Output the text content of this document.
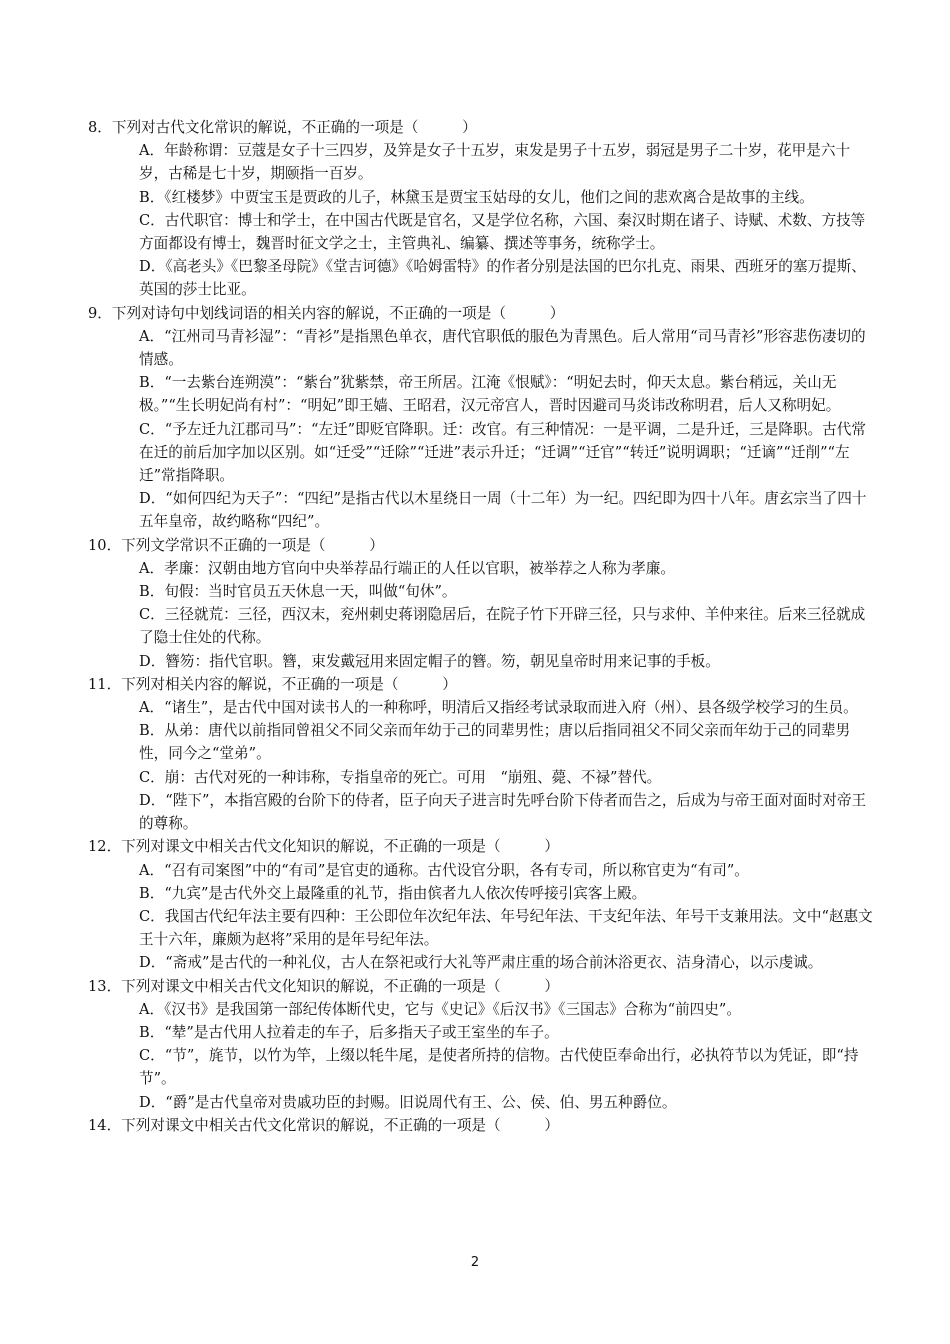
8．下列对古代文化常识的解说，不正确的一项是（　　　）

A．年龄称谓：豆蔻是女子十三四岁，及笄是女子十五岁，束发是男子十五岁，弱冠是男子二十岁，花甲是六十岁，古稀是七十岁，期颐指一百岁。

B．《红楼梦》中贾宝玉是贾政的儿子，林黛玉是贾宝玉姑母的女儿，他们之间的悲欢离合是故事的主线。

C．古代职官：博士和学士，在中国古代既是官名，又是学位名称，六国、秦汉时期在诸子、诗赋、术数、方技等方面都设有博士，魏晋时征文学之士，主管典礼、编纂、撰述等事务，统称学士。

D．《高老头》《巴黎圣母院》《堂吉诃德》《哈姆雷特》的作者分别是法国的巴尔扎克、雨果、西班牙的塞万提斯、英国的莎士比亚。

9．下列对诗句中划线词语的相关内容的解说，不正确的一项是（　　　）

A．“江州司马青衫湿”：“青衫”是指黑色单衣，唐代官职低的服色为青黑色。后人常用“司马青衫”形容悲伤凄切的情感。

B．“一去紫台连朔漠”：“紫台”犹紫禁，帝王所居。江淹《恨赋》：“明妃去时，仰天太息。紫台稍远，关山无极。”“生长明妃尚有村”：“明妃”即王嫱、王昭君，汉元帝宫人，晋时因避司马炎讳改称明君，后人又称明妃。

C．“予左迁九江郡司马”：“左迁”即贬官降职。迁：改官。有三种情况：一是平调，二是升迁，三是降职。古代常在迁的前后加字加以区别。如“迁受”“迁除”“迁进”表示升迁；“迁调”“迁官”“转迁”说明调职；“迁谪”“迁削”“左迁”常指降职。

D．“如何四纪为天子”：“四纪”是指古代以木星绕日一周（十二年）为一纪。四纪即为四十八年。唐玄宗当了四十五年皇帝，故约略称“四纪”。

10．下列文学常识不正确的一项是（　　　）

A．孝廉：汉朝由地方官向中央举荐品行端正的人任以官职，被举荐之人称为孝廉。

B．旬假：当时官员五天休息一天，叫做“旬休”。

C．三径就荒：三径，西汉末，兖州刺史蒋诩隐居后，在院子竹下开辟三径，只与求仲、羊仲来往。后来三径就成了隐士住处的代称。

D．簪笏：指代官职。簪，束发戴冠用来固定帽子的簪。笏，朝见皇帝时用来记事的手板。

11．下列对相关内容的解说，不正确的一项是（　　　）

A．“诸生”，是古代中国对读书人的一种称呼，明清后又指经考试录取而进入府（州）、县各级学校学习的生员。

B．从弟：唐代以前指同曾祖父不同父亲而年幼于己的同辈男性；唐以后指同祖父不同父亲而年幼于己的同辈男性，同今之“堂弟”。

C．崩：古代对死的一种讳称，专指皇帝的死亡。可用　“崩殂、薨、不禄”替代。

D．“陛下”，本指宫殿的台阶下的侍者，臣子向天子进言时先呼台阶下侍者而告之，后成为与帝王面对面时对帝王的尊称。

12．下列对课文中相关古代文化知识的解说，不正确的一项是（　　　）

A．“召有司案图”中的“有司”是官吏的通称。古代设官分职，各有专司，所以称官吏为“有司”。

B．“九宾”是古代外交上最隆重的礼节，指由傧者九人依次传呼接引宾客上殿。

C．我国古代纪年法主要有四种：王公即位年次纪年法、年号纪年法、干支纪年法、年号干支兼用法。文中“赵惠文王十六年，廉颇为赵将”采用的是年号纪年法。

D．“斋戒”是古代的一种礼仪，古人在祭祀或行大礼等严肃庄重的场合前沐浴更衣、洁身清心，以示虔诚。

13．下列对课文中相关古代文化知识的解说，不正确的一项是（　　　）

A．《汉书》是我国第一部纪传体断代史，它与《史记》《后汉书》《三国志》合称为“前四史”。

B．“辇”是古代用人拉着走的车子，后多指天子或王室坐的车子。

C．“节”，旄节，以竹为竿，上缀以牦牛尾，是使者所持的信物。古代使臣奉命出行，必执符节以为凭证，即“持节”。

D．“爵”是古代皇帝对贵戚功臣的封赐。旧说周代有王、公、侯、伯、男五种爵位。

14．下列对课文中相关古代文化常识的解说，不正确的一项是（　　　）

2
